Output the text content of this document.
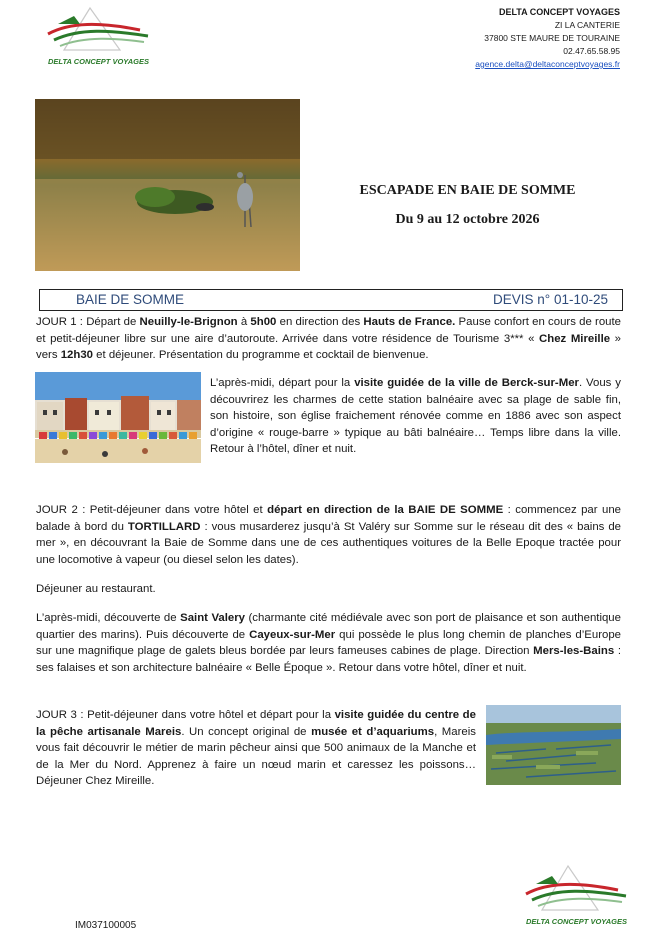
DELTA CONCEPT VOYAGES
DELTA CONCEPT VOYAGES
ZI LA CANTERIE
37800 STE MAURE DE TOURAINE
02.47.65.58.95
agence.delta@deltaconceptvoyages.fr
ESCAPADE EN BAIE DE SOMME
Du 9 au 12 octobre 2026
BAIE DE SOMME	DEVIS n° 01-10-25
JOUR 1 : Départ de Neuilly-le-Brignon à 5h00 en direction des Hauts de France. Pause confort en cours de route et petit-déjeuner libre sur une aire d’autoroute. Arrivée dans votre résidence de Tourisme 3*** « Chez Mireille » vers 12h30 et déjeuner. Présentation du programme et cocktail de bienvenue.
L’après-midi, départ pour la visite guidée de la ville de Berck-sur-Mer. Vous y découvrirez les charmes de cette station balnéaire avec sa plage de sable fin, son histoire, son église fraichement rénovée comme en 1886 avec son aspect d’origine « rouge-barre » typique au bâti balnéaire… Temps libre dans la ville. Retour à l’hôtel, dîner et nuit.
JOUR 2 : Petit-déjeuner dans votre hôtel et départ en direction de la BAIE DE SOMME : commencez par une balade à bord du TORTILLARD : vous musarderez jusqu’à St Valéry sur Somme sur le réseau dit des « bains de mer », en découvrant la Baie de Somme dans une de ces authentiques voitures de la Belle Epoque tractée pour une locomotive à vapeur (ou diesel selon les dates).
Déjeuner au restaurant.
L’après-midi, découverte de Saint Valery (charmante cité médiévale avec son port de plaisance et son authentique quartier des marins). Puis découverte de Cayeux-sur-Mer qui possède le plus long chemin de planches d’Europe sur une magnifique plage de galets bleus bordée par leurs fameuses cabines de plage. Direction Mers-les-Bains : ses falaises et son architecture balnéaire « Belle Époque ». Retour dans votre hôtel, dîner et nuit.
JOUR 3 : Petit-déjeuner dans votre hôtel et départ pour la visite guidée du centre de la pêche artisanale Mareis. Un concept original de musée et d’aquariums, Mareis vous fait découvrir le métier de marin pêcheur ainsi que 500 animaux de la Manche et de la Mer du Nord. Apprenez à faire un nœud marin et caressez les poissons… Déjeuner Chez Mireille.
DELTA CONCEPT VOYAGES
IM037100005
